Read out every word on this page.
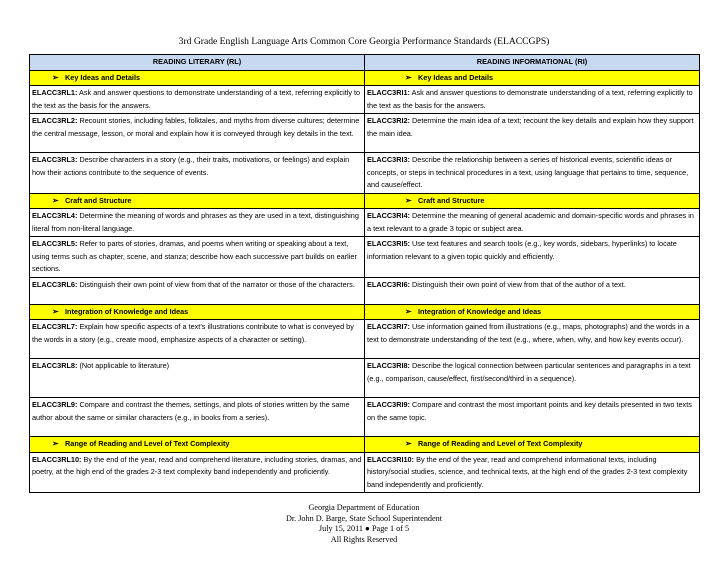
3rd Grade English Language Arts Common Core Georgia Performance Standards (ELACCGPS)
READING LITERARY (RL)	READING INFORMATIONAL (RI)
➢ Key Ideas and Details	➢ Key Ideas and Details
ELACC3RL1: Ask and answer questions to demonstrate understanding of a text, referring explicitly to the text as the basis for the answers.	ELACC3RI1: Ask and answer questions to demonstrate understanding of a text, referring explicitly to the text as the basis for the answers.
ELACC3RL2: Recount stories, including fables, folktales, and myths from diverse cultures; determine the central message, lesson, or moral and explain how it is conveyed through key details in the text.	ELACC3RI2: Determine the main idea of a text; recount the key details and explain how they support the main idea.
ELACC3RL3: Describe characters in a story (e.g., their traits, motivations, or feelings) and explain how their actions contribute to the sequence of events.	ELACC3RI3: Describe the relationship between a series of historical events, scientific ideas or concepts, or steps in technical procedures in a text, using language that pertains to time, sequence, and cause/effect.
➢ Craft and Structure	➢ Craft and Structure
ELACC3RL4: Determine the meaning of words and phrases as they are used in a text, distinguishing literal from non-literal language.	ELACC3RI4: Determine the meaning of general academic and domain-specific words and phrases in a text relevant to a grade 3 topic or subject area.
ELACC3RL5: Refer to parts of stories, dramas, and poems when writing or speaking about a text, using terms such as chapter, scene, and stanza; describe how each successive part builds on earlier sections.	ELACC3RI5: Use text features and search tools (e.g., key words, sidebars, hyperlinks) to locate information relevant to a given topic quickly and efficiently.
ELACC3RL6: Distinguish their own point of view from that of the narrator or those of the characters.	ELACC3RI6: Distinguish their own point of view from that of the author of a text.
➢ Integration of Knowledge and Ideas	➢ Integration of Knowledge and Ideas
ELACC3RL7: Explain how specific aspects of a text’s illustrations contribute to what is conveyed by the words in a story (e.g., create mood, emphasize aspects of a character or setting).	ELACC3RI7: Use information gained from illustrations (e.g., maps, photographs) and the words in a text to demonstrate understanding of the text (e.g., where, when, why, and how key events occur).
ELACC3RL8: (Not applicable to literature)	ELACC3RI8: Describe the logical connection between particular sentences and paragraphs in a text (e.g., comparison, cause/effect, first/second/third in a sequence).
ELACC3RL9: Compare and contrast the themes, settings, and plots of stories written by the same author about the same or similar characters (e.g., in books from a series).	ELACC3RI9: Compare and contrast the most important points and key details presented in two texts on the same topic.
➢ Range of Reading and Level of Text Complexity	➢ Range of Reading and Level of Text Complexity
ELACC3RL10: By the end of the year, read and comprehend literature, including stories, dramas, and poetry, at the high end of the grades 2-3 text complexity band independently and proficiently.	ELACC3RI10: By the end of the year, read and comprehend informational texts, including history/social studies, science, and technical texts, at the high end of the grades 2-3 text complexity band independently and proficiently.
Georgia Department of Education
Dr. John D. Barge, State School Superintendent
July 15, 2011 ● Page 1 of 5
All Rights Reserved
